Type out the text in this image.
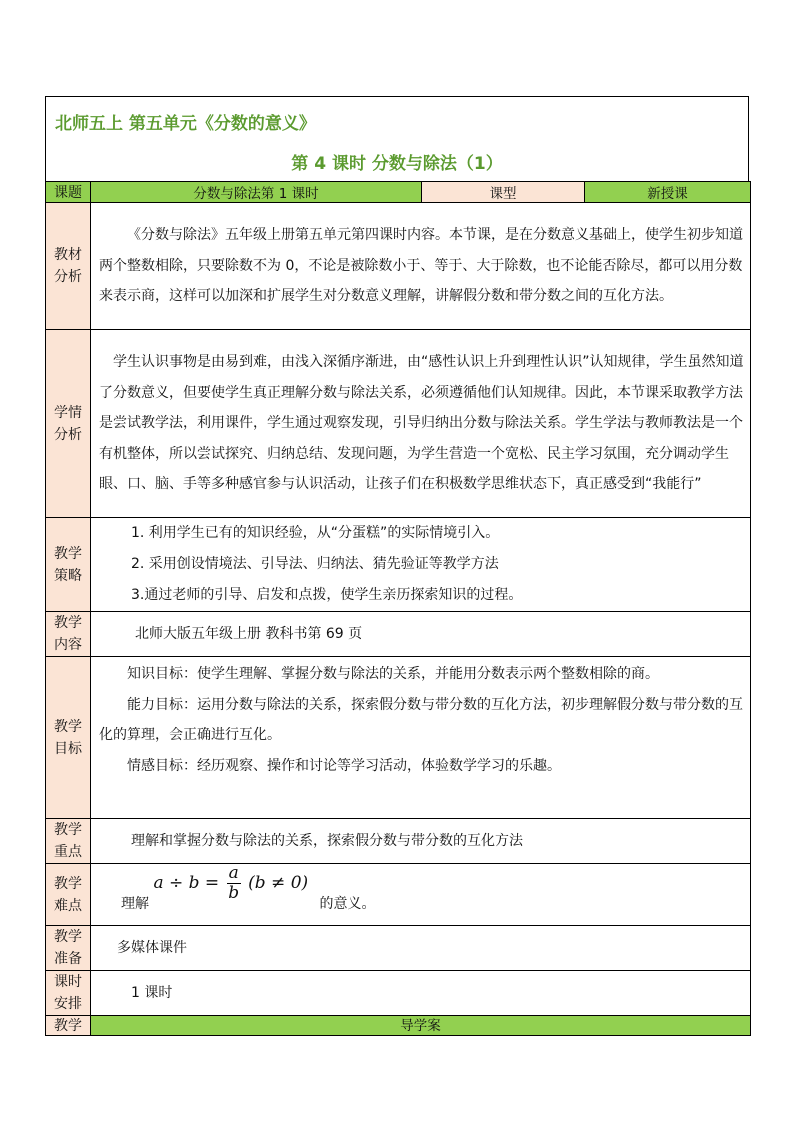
北师五上 第五单元《分数的意义》
第 4 课时 分数与除法（1）
课题	分数与除法第 1 课时	课型	新授课
教材分析	《分数与除法》五年级上册第五单元第四课时内容。本节课，是在分数意义基础上，使学生初步知道两个整数相除，只要除数不为 0，不论是被除数小于、等于、大于除数，也不论能否除尽，都可以用分数来表示商，这样可以加深和扩展学生对分数意义理解，讲解假分数和带分数之间的互化方法。		
学情分析	学生认识事物是由易到难，由浅入深循序渐进，由“感性认识上升到理性认识”认知规律，学生虽然知道了分数意义，但要使学生真正理解分数与除法关系，必须遵循他们认知规律。因此，本节课采取教学方法是尝试教学法，利用课件，学生通过观察发现，引导归纳出分数与除法关系。学生学法与教师教法是一个有机整体，所以尝试探究、归纳总结、发现问题，为学生营造一个宽松、民主学习氛围，充分调动学生眼、口、脑、手等多种感官参与认识活动，让孩子们在积极数学思维状态下，真正感受到“我能行”		
教学策略	1. 利用学生已有的知识经验，从“分蛋糕”的实际情境引入。
2. 采用创设情境法、引导法、归纳法、猜先验证等教学方法
3.通过老师的引导、启发和点拨，使学生亲历探索知识的过程。		

教学内容	北师大版五年级上册 教科书第 69 页		
教学目标	知识目标：使学生理解、掌握分数与除法的关系，并能用分数表示两个整数相除的商。
能力目标：运用分数与除法的关系，探索假分数与带分数的互化方法，初步理解假分数与带分数的互化的算理，会正确进行互化。
情感目标：经历观察、操作和讨论等学习活动，体验数学学习的乐趣。		

教学重点	理解和掌握分数与除法的关系，探索假分数与带分数的互化方法		
教学难点	理解 $a \div b = \frac{a}{b} (b \ne 0)$ 的意义。		
教学准备	多媒体课件		
课时安排	1 课时		
教学	导学案		
